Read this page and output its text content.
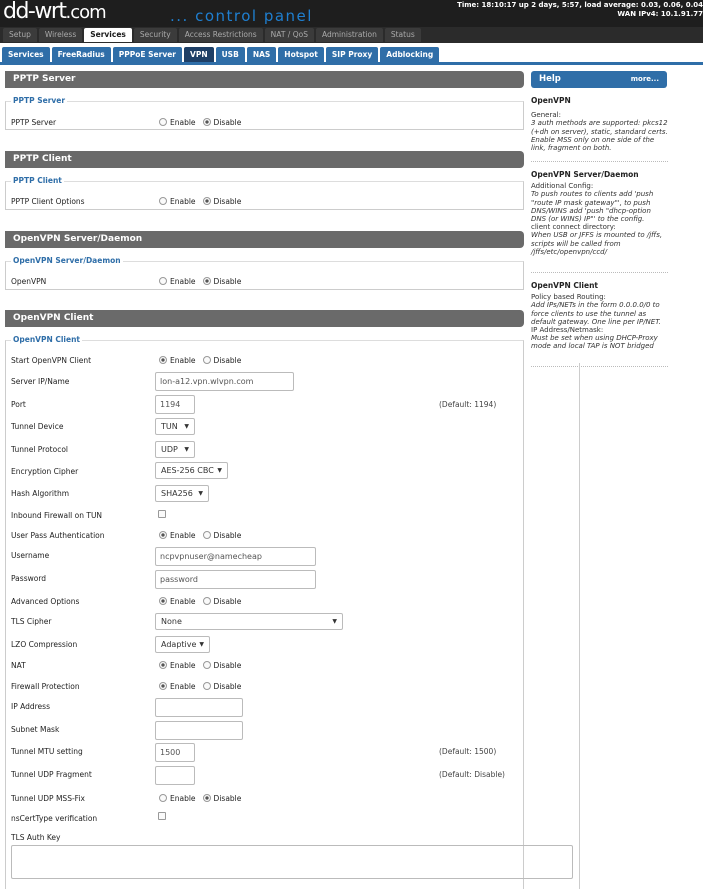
dd-wrt.com	... control panel
Time: 18:10:17 up 2 days, 5:57, load average: 0.03, 0.06, 0.04
WAN IPv4: 10.1.91.77
Setup Wireless Services Security Access Restrictions NAT / QoS Administration Status
Services FreeRadius PPPoE Server VPN USB NAS Hotspot SIP Proxy Adblocking
PPTP Server
PPTP Server
PPTP Server	Enable Disable
PPTP Client
PPTP Client
PPTP Client Options	Enable Disable
OpenVPN Server/Daemon
OpenVPN Server/Daemon
OpenVPN	Enable Disable
OpenVPN Client
OpenVPN Client
Start OpenVPN Client	Enable Disable
Server IP/Name	lon-a12.vpn.wlvpn.com
Port	1194	(Default: 1194)
Tunnel Device	TUN ▼
Tunnel Protocol	UDP ▼
Encryption Cipher	AES-256 CBC ▼
Hash Algorithm	SHA256 ▼
Inbound Firewall on TUN
User Pass Authentication	Enable Disable
Username	ncpvpnuser@namecheap
Password	password
Advanced Options	Enable Disable
TLS Cipher	None	▼
LZO Compression	Adaptive ▼
NAT	Enable Disable
Firewall Protection	Enable Disable
IP Address
Subnet Mask
Tunnel MTU setting	1500	(Default: 1500)
Tunnel UDP Fragment	(Default: Disable)
Tunnel UDP MSS-Fix	Enable Disable
nsCertType verification
TLS Auth Key
Help	more...
OpenVPN
General:
3 auth methods are supported: pkcs12 (+dh on server), static, standard certs. Enable MSS only on one side of the link, fragment on both.
OpenVPN Server/Daemon
Additional Config:
To push routes to clients add 'push "route IP mask gateway"', to push DNS/WINS add 'push "dhcp-option DNS (or WINS) IP"' to the config.
client connect directory:
When USB or JFFS is mounted to /jffs, scripts will be called from /jffs/etc/openvpn/ccd/
OpenVPN Client
Policy based Routing:
Add IPs/NETs in the form 0.0.0.0/0 to force clients to use the tunnel as default gateway. One line per IP/NET.
IP Address/Netmask:
Must be set when using DHCP-Proxy mode and local TAP is NOT bridged
